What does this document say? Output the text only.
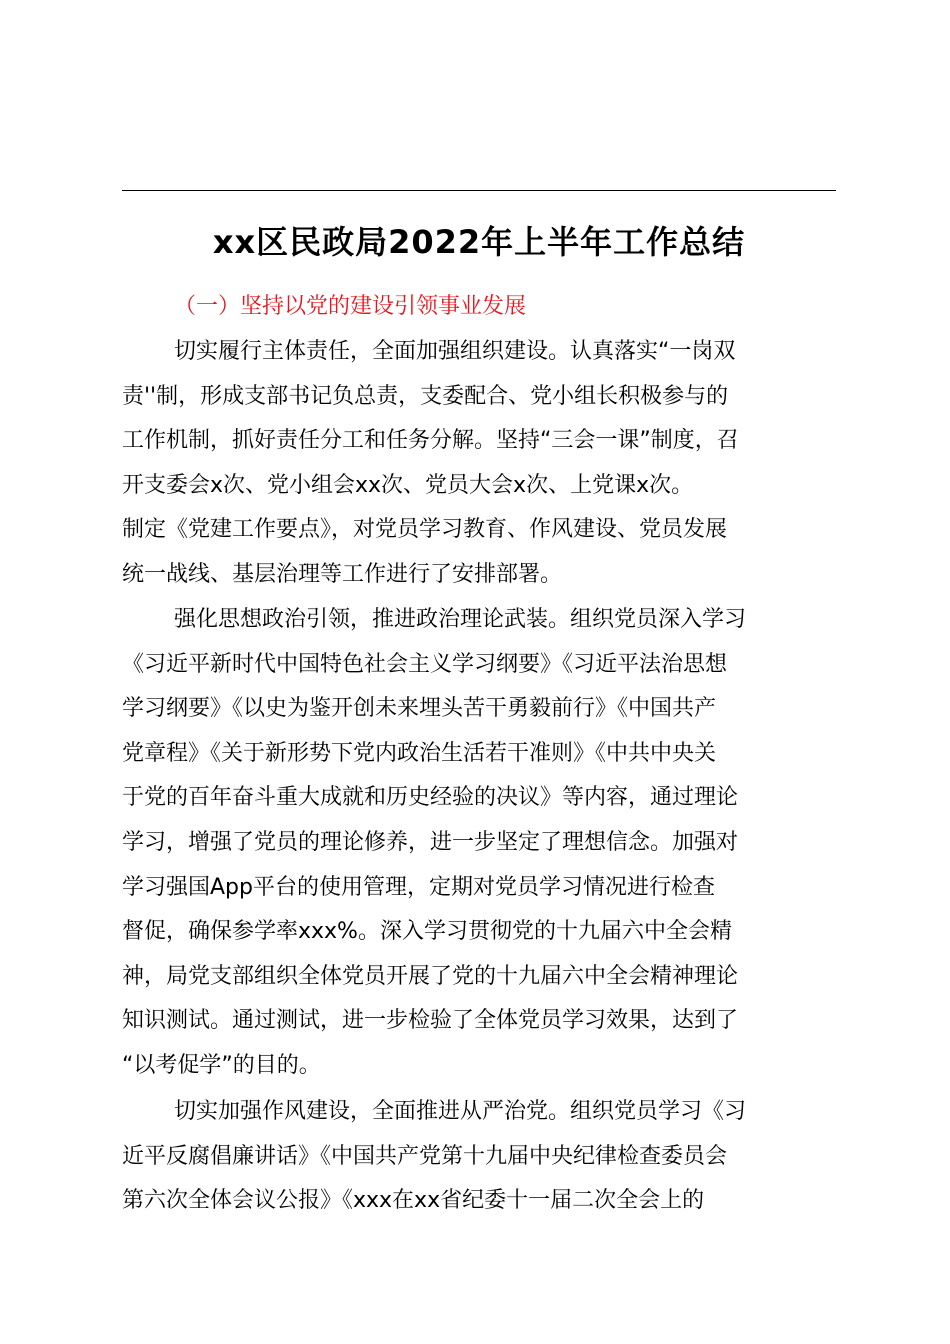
xx区民政局2022年上半年工作总结
（一）坚持以党的建设引领事业发展
切实履行主体责任，全面加强组织建设。认真落实“一岗双
责''制，形成支部书记负总责，支委配合、党小组长积极参与的
工作机制，抓好责任分工和任务分解。坚持“三会一课”制度，召
开支委会x次、党小组会xx次、党员大会x次、上党课x次。
制定《党建工作要点》，对党员学习教育、作风建设、党员发展
统一战线、基层治理等工作进行了安排部署。
强化思想政治引领，推进政治理论武装。组织党员深入学习
《习近平新时代中国特色社会主义学习纲要》《习近平法治思想
学习纲要》《以史为鉴开创未来埋头苦干勇毅前行》《中国共产
党章程》《关于新形势下党内政治生活若干准则》《中共中央关
于党的百年奋斗重大成就和历史经验的决议》等内容，通过理论
学习，增强了党员的理论修养，进一步坚定了理想信念。加强对
学习强国App平台的使用管理，定期对党员学习情况进行检查
督促，确保参学率xxx%。深入学习贯彻党的十九届六中全会精
神，局党支部组织全体党员开展了党的十九届六中全会精神理论
知识测试。通过测试，进一步检验了全体党员学习效果，达到了
“以考促学”的目的。
切实加强作风建设，全面推进从严治党。组织党员学习《习
近平反腐倡廉讲话》《中国共产党第十九届中央纪律检查委员会
第六次全体会议公报》《xxx在xx省纪委十一届二次全会上的
